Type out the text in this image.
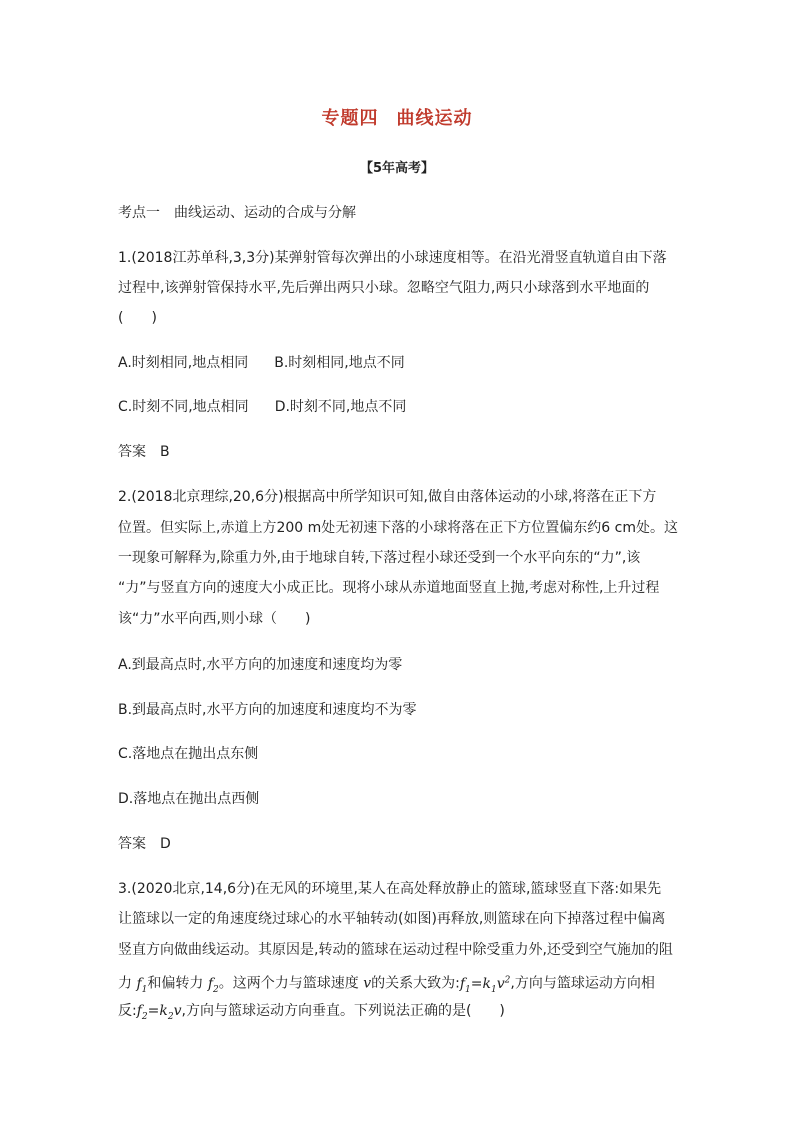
专题四 曲线运动
【5年高考】
考点一　曲线运动、运动的合成与分解
1.(2018江苏单科,3,3分)某弹射管每次弹出的小球速度相等。在沿光滑竖直轨道自由下落
过程中,该弹射管保持水平,先后弹出两只小球。忽略空气阻力,两只小球落到水平地面的
(　　)
A.时刻相同,地点相同 B.时刻相同,地点不同
C.时刻不同,地点相同 D.时刻不同,地点不同
答案　B
2.(2018北京理综,20,6分)根据高中所学知识可知,做自由落体运动的小球,将落在正下方
位置。但实际上,赤道上方200 m处无初速下落的小球将落在正下方位置偏东约6 cm处。这
一现象可解释为,除重力外,由于地球自转,下落过程小球还受到一个水平向东的“力”,该
“力”与竖直方向的速度大小成正比。现将小球从赤道地面竖直上抛,考虑对称性,上升过程
该“力”水平向西,则小球（　　)
A.到最高点时,水平方向的加速度和速度均为零
B.到最高点时,水平方向的加速度和速度均不为零
C.落地点在抛出点东侧
D.落地点在抛出点西侧
答案　D
3.(2020北京,14,6分)在无风的环境里,某人在高处释放静止的篮球,篮球竖直下落:如果先
让篮球以一定的角速度绕过球心的水平轴转动(如图)再释放,则篮球在向下掉落过程中偏离
竖直方向做曲线运动。其原因是,转动的篮球在运动过程中除受重力外,还受到空气施加的阻
力 $f_1$和偏转力 $f_2$。这两个力与篮球速度 v的关系大致为$:f_1=k_1v^2$,方向与篮球运动方向相
反$:f_2=k_2v$,方向与篮球运动方向垂直。下列说法正确的是(　　)
